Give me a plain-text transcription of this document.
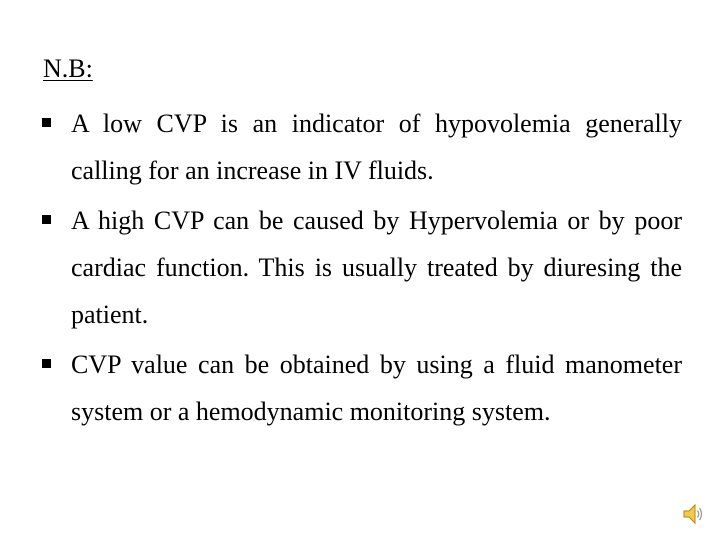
N.B:
A low CVP is an indicator of hypovolemia generally calling for an increase in IV fluids.
A high CVP can be caused by Hypervolemia or by poor cardiac function. This is usually treated by diuresing the patient.
CVP value can be obtained by using a fluid manometer system or a hemodynamic monitoring system.
